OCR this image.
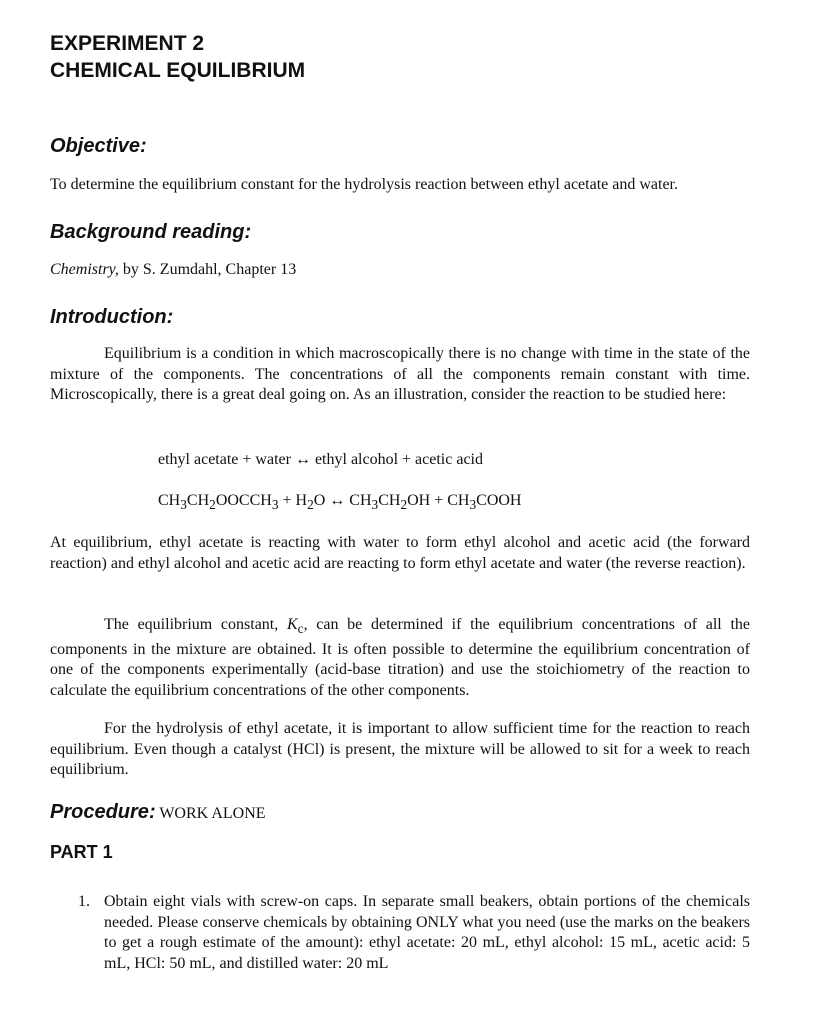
EXPERIMENT 2
CHEMICAL EQUILIBRIUM
Objective:
To determine the equilibrium constant for the hydrolysis reaction between ethyl acetate and water.
Background reading:
Chemistry, by S. Zumdahl, Chapter 13
Introduction:
Equilibrium is a condition in which macroscopically there is no change with time in the state of the mixture of the components. The concentrations of all the components remain constant with time. Microscopically, there is a great deal going on. As an illustration, consider the reaction to be studied here:
ethyl acetate + water ↔ ethyl alcohol + acetic acid
$CH_3CH_2OOCCH_3 + H_2O$ ↔ $CH_3CH_2OH$ + $CH_3COOH$
At equilibrium, ethyl acetate is reacting with water to form ethyl alcohol and acetic acid (the forward reaction) and ethyl alcohol and acetic acid are reacting to form ethyl acetate and water (the reverse reaction).
The equilibrium constant, $K_c$, can be determined if the equilibrium concentrations of all the components in the mixture are obtained. It is often possible to determine the equilibrium concentration of one of the components experimentally (acid-base titration) and use the stoichiometry of the reaction to calculate the equilibrium concentrations of the other components.
For the hydrolysis of ethyl acetate, it is important to allow sufficient time for the reaction to reach equilibrium. Even though a catalyst (HCl) is present, the mixture will be allowed to sit for a week to reach equilibrium.
Procedure: WORK ALONE
PART 1
1. Obtain eight vials with screw-on caps. In separate small beakers, obtain portions of the chemicals needed. Please conserve chemicals by obtaining ONLY what you need (use the marks on the beakers to get a rough estimate of the amount): ethyl acetate: 20 mL, ethyl alcohol: 15 mL, acetic acid: 5 mL, HCl: 50 mL, and distilled water: 20 mL
